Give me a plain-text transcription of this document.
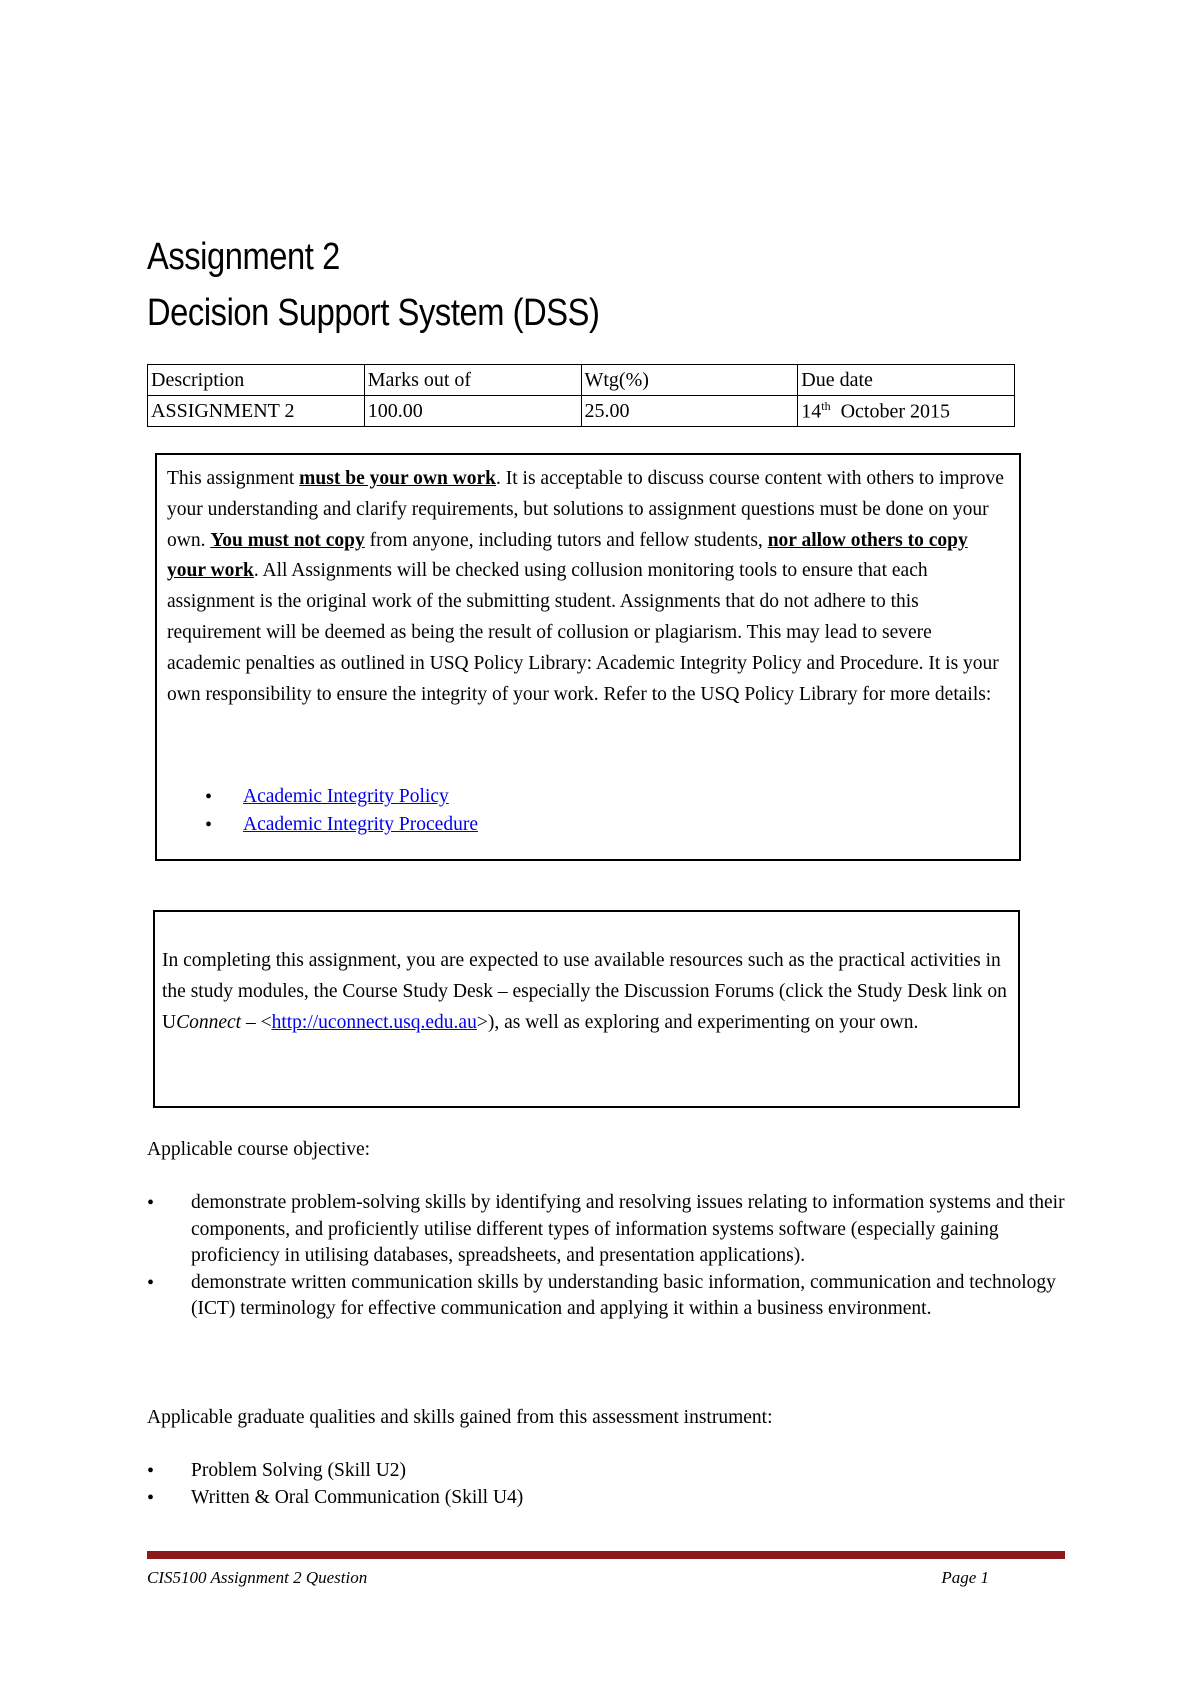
Assignment 2
Decision Support System (DSS)
Description	Marks out of	Wtg(%)	Due date
ASSIGNMENT 2	100.00	25.00	14th October 2015

This assignment must be your own work. It is acceptable to discuss course content with others to improve your understanding and clarify requirements, but solutions to assignment questions must be done on your own. You must not copy from anyone, including tutors and fellow students, nor allow others to copy your work. All Assignments will be checked using collusion monitoring tools to ensure that each assignment is the original work of the submitting student. Assignments that do not adhere to this requirement will be deemed as being the result of collusion or plagiarism. This may lead to severe academic penalties as outlined in USQ Policy Library: Academic Integrity Policy and Procedure. It is your own responsibility to ensure the integrity of your work. Refer to the USQ Policy Library for more details:

• Academic Integrity Policy
• Academic Integrity Procedure

In completing this assignment, you are expected to use available resources such as the practical activities in the study modules, the Course Study Desk – especially the Discussion Forums (click the Study Desk link on UConnect – <http://uconnect.usq.edu.au>), as well as exploring and experimenting on your own.

Applicable course objective:

• demonstrate problem-solving skills by identifying and resolving issues relating to information systems and their components, and proficiently utilise different types of information systems software (especially gaining proficiency in utilising databases, spreadsheets, and presentation applications).
• demonstrate written communication skills by understanding basic information, communication and technology (ICT) terminology for effective communication and applying it within a business environment.

Applicable graduate qualities and skills gained from this assessment instrument:

• Problem Solving (Skill U2)
• Written & Oral Communication (Skill U4)

CIS5100 Assignment 2 Question	Page 1
